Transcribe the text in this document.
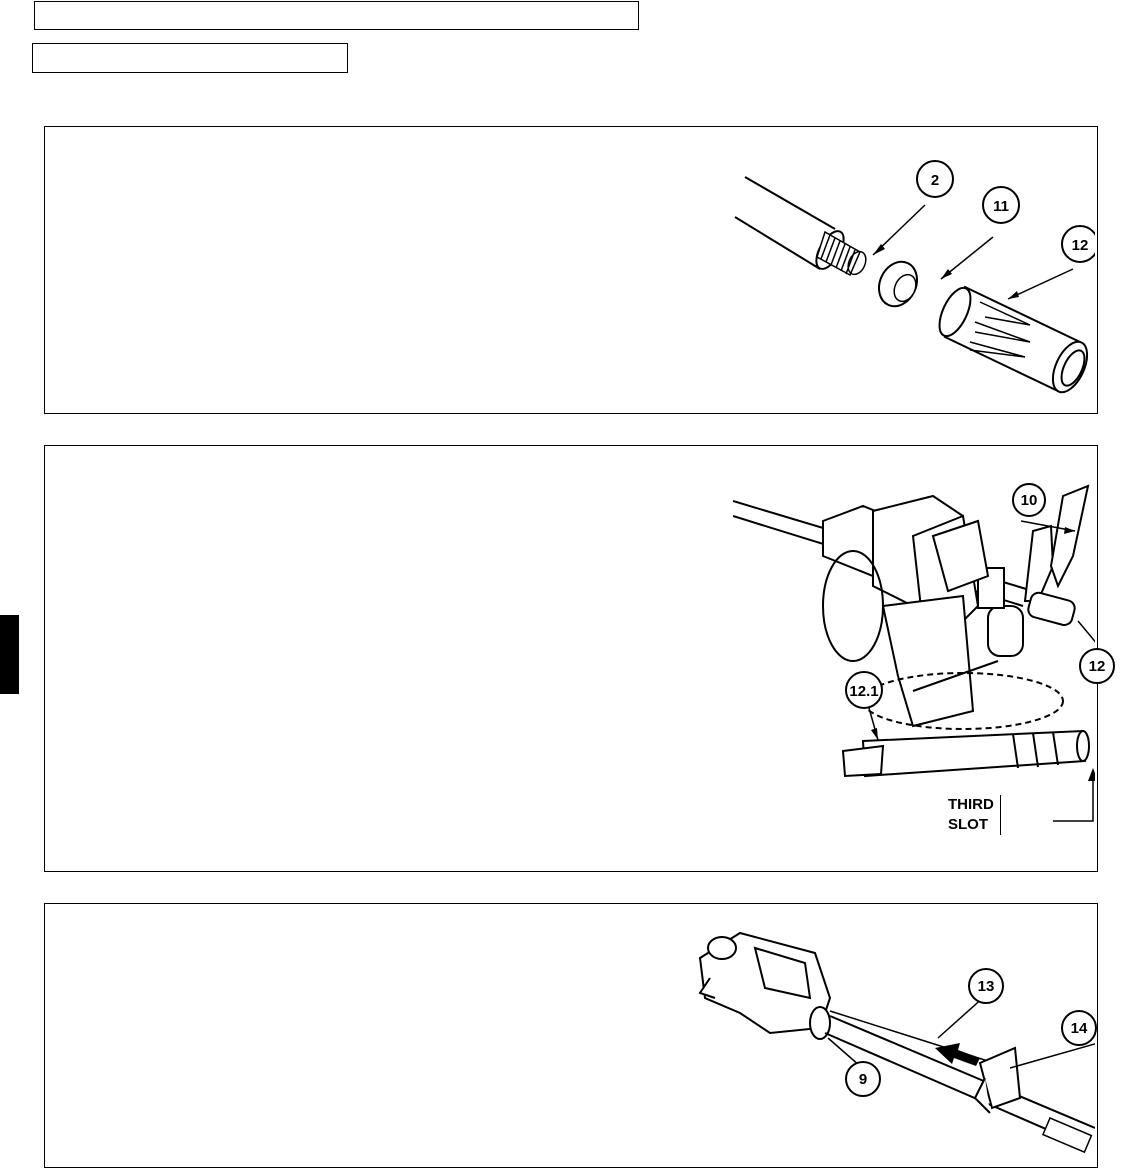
2
11
12
10
12.1
12
THIRD
SLOT
13
9
14
